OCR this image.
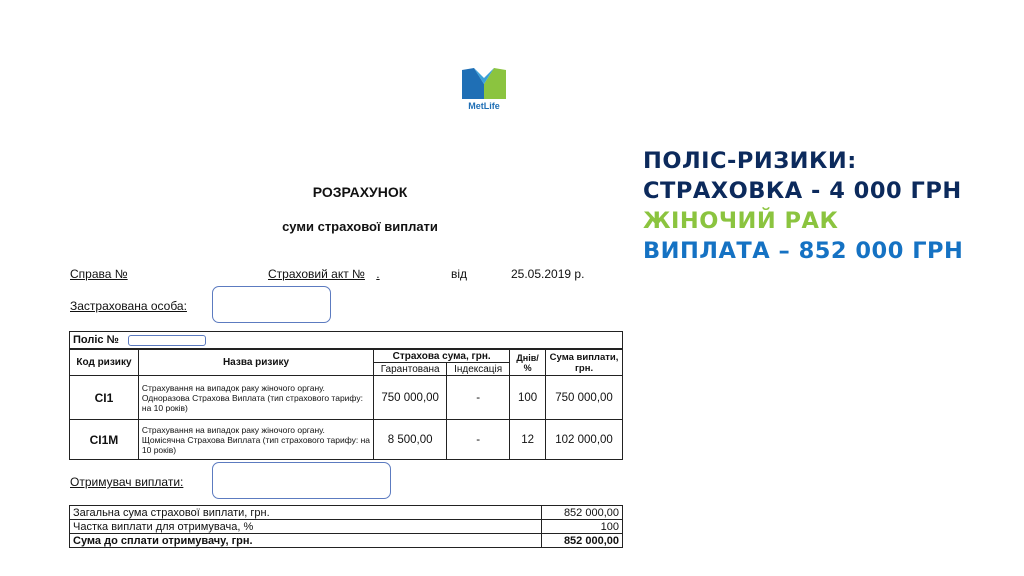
MetLife
ПОЛІС-РИЗИКИ:
СТРАХОВКА - 4 000 ГРН
ЖІНОЧИЙ РАК
ВИПЛАТА – 852 000 ГРН
РОЗРАХУНОК
суми страхової виплати
Справа №	Страховий акт № .	від	25.05.2019 р.
Застрахована особа:
Поліс №					
Код ризику	Назва ризику	Страхова сума, грн.		Днів/ %	Сума виплати, грн.
		Гарантована	Індексація		
СІ1	Страхування на випадок раку жіночого органу. Одноразова Страхова Виплата (тип страхового тарифу: на 10 років)	750 000,00	-	100	750 000,00
СІ1М	Страхування на випадок раку жіночого органу. Щомісячна Страхова Виплата (тип страхового тарифу: на 10 років)	8 500,00	-	12	102 000,00
Отримувач виплати:
Загальна сума страхової виплати, грн.	852 000,00
Частка виплати для отримувача, %	100
Сума до сплати отримувачу, грн.	852 000,00
